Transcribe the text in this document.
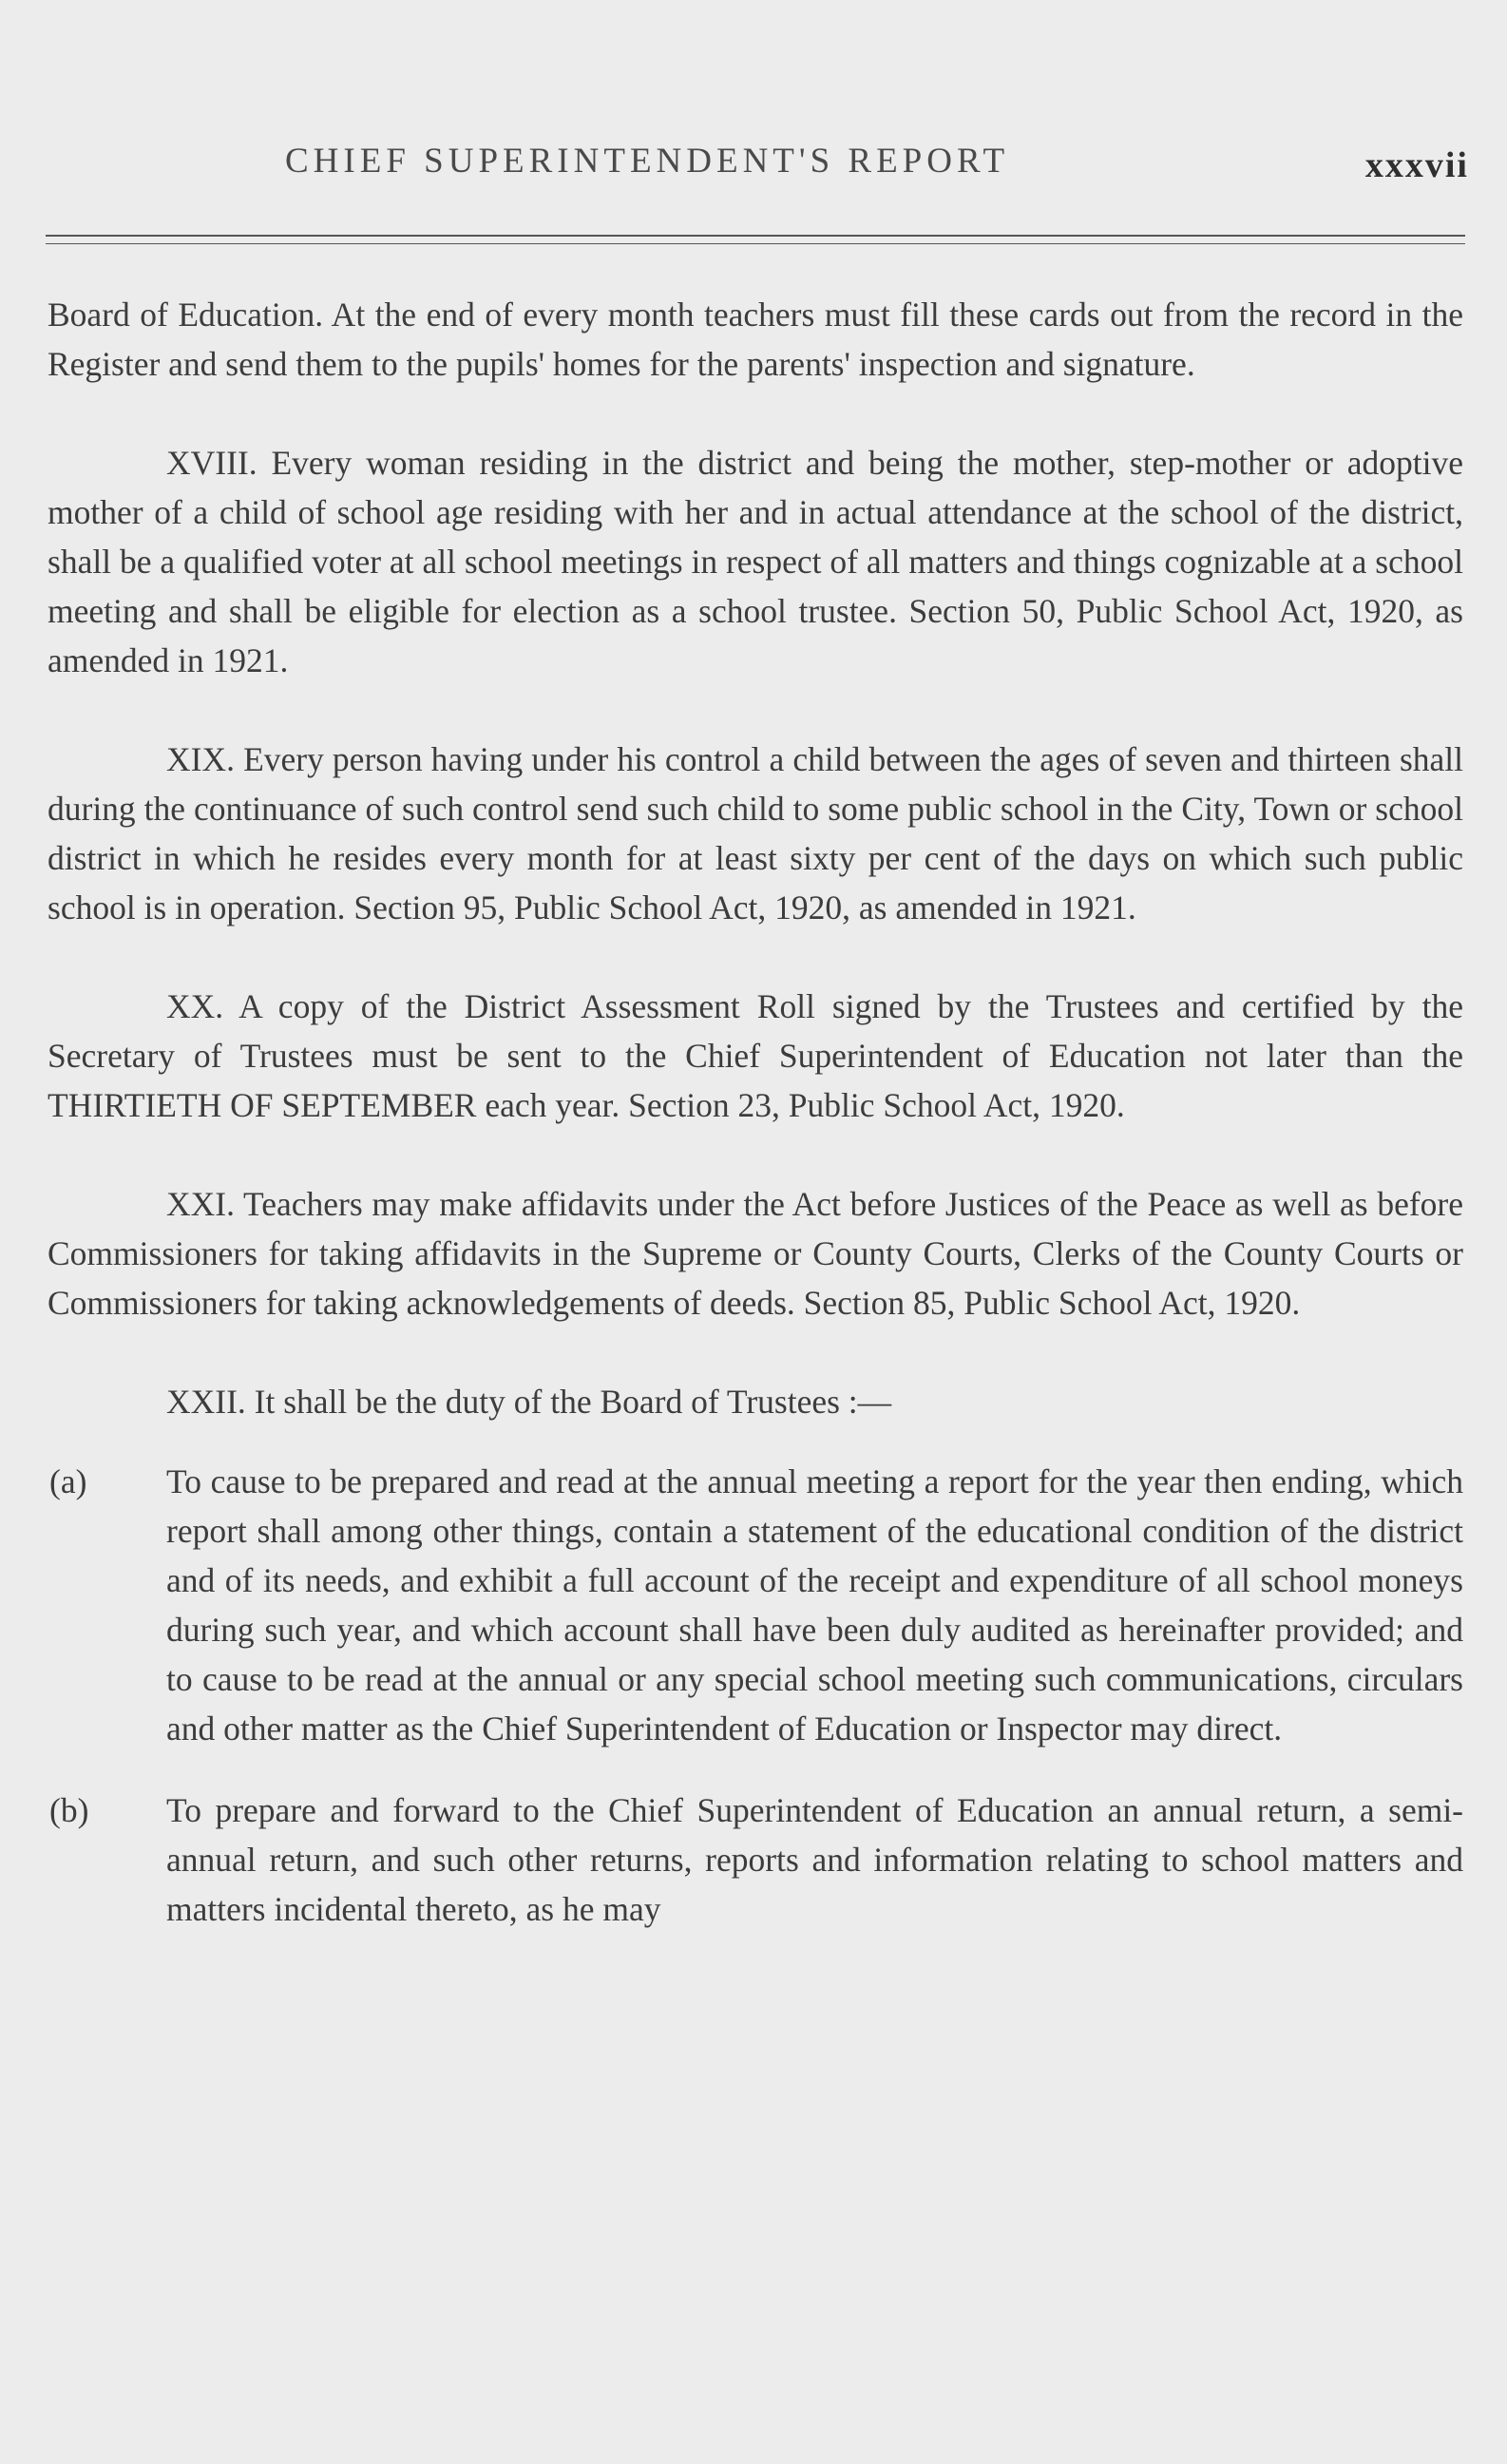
CHIEF SUPERINTENDENT'S REPORT	xxxvii

Board of Education. At the end of every month teachers must fill these cards out from the record in the Register and send them to the pupils' homes for the parents' inspection and signature.

XVIII. Every woman residing in the district and being the mother, step-mother or adoptive mother of a child of school age residing with her and in actual attendance at the school of the district, shall be a qualified voter at all school meetings in respect of all matters and things cognizable at a school meeting and shall be eligible for election as a school trustee. Section 50, Public School Act, 1920, as amended in 1921.

XIX. Every person having under his control a child between the ages of seven and thirteen shall during the continuance of such control send such child to some public school in the City, Town or school district in which he resides every month for at least sixty per cent of the days on which such public school is in operation. Section 95, Public School Act, 1920, as amended in 1921.

XX. A copy of the District Assessment Roll signed by the Trustees and certified by the Secretary of Trustees must be sent to the Chief Superintendent of Education not later than the THIRTIETH OF SEPTEMBER each year. Section 23, Public School Act, 1920.

XXI. Teachers may make affidavits under the Act before Justices of the Peace as well as before Commissioners for taking affidavits in the Supreme or County Courts, Clerks of the County Courts or Commissioners for taking acknowledgements of deeds. Section 85, Public School Act, 1920.

XXII. It shall be the duty of the Board of Trustees :—

(a)	To cause to be prepared and read at the annual meeting a report for the year then ending, which report shall among other things, contain a statement of the educational condition of the district and of its needs, and exhibit a full account of the receipt and expenditure of all school moneys during such year, and which account shall have been duly audited as hereinafter provided; and to cause to be read at the annual or any special school meeting such communications, circulars and other matter as the Chief Superintendent of Education or Inspector may direct.

(b)	To prepare and forward to the Chief Superintendent of Education an annual return, a semi-annual return, and such other returns, reports and information relating to school matters and matters incidental thereto, as he may
